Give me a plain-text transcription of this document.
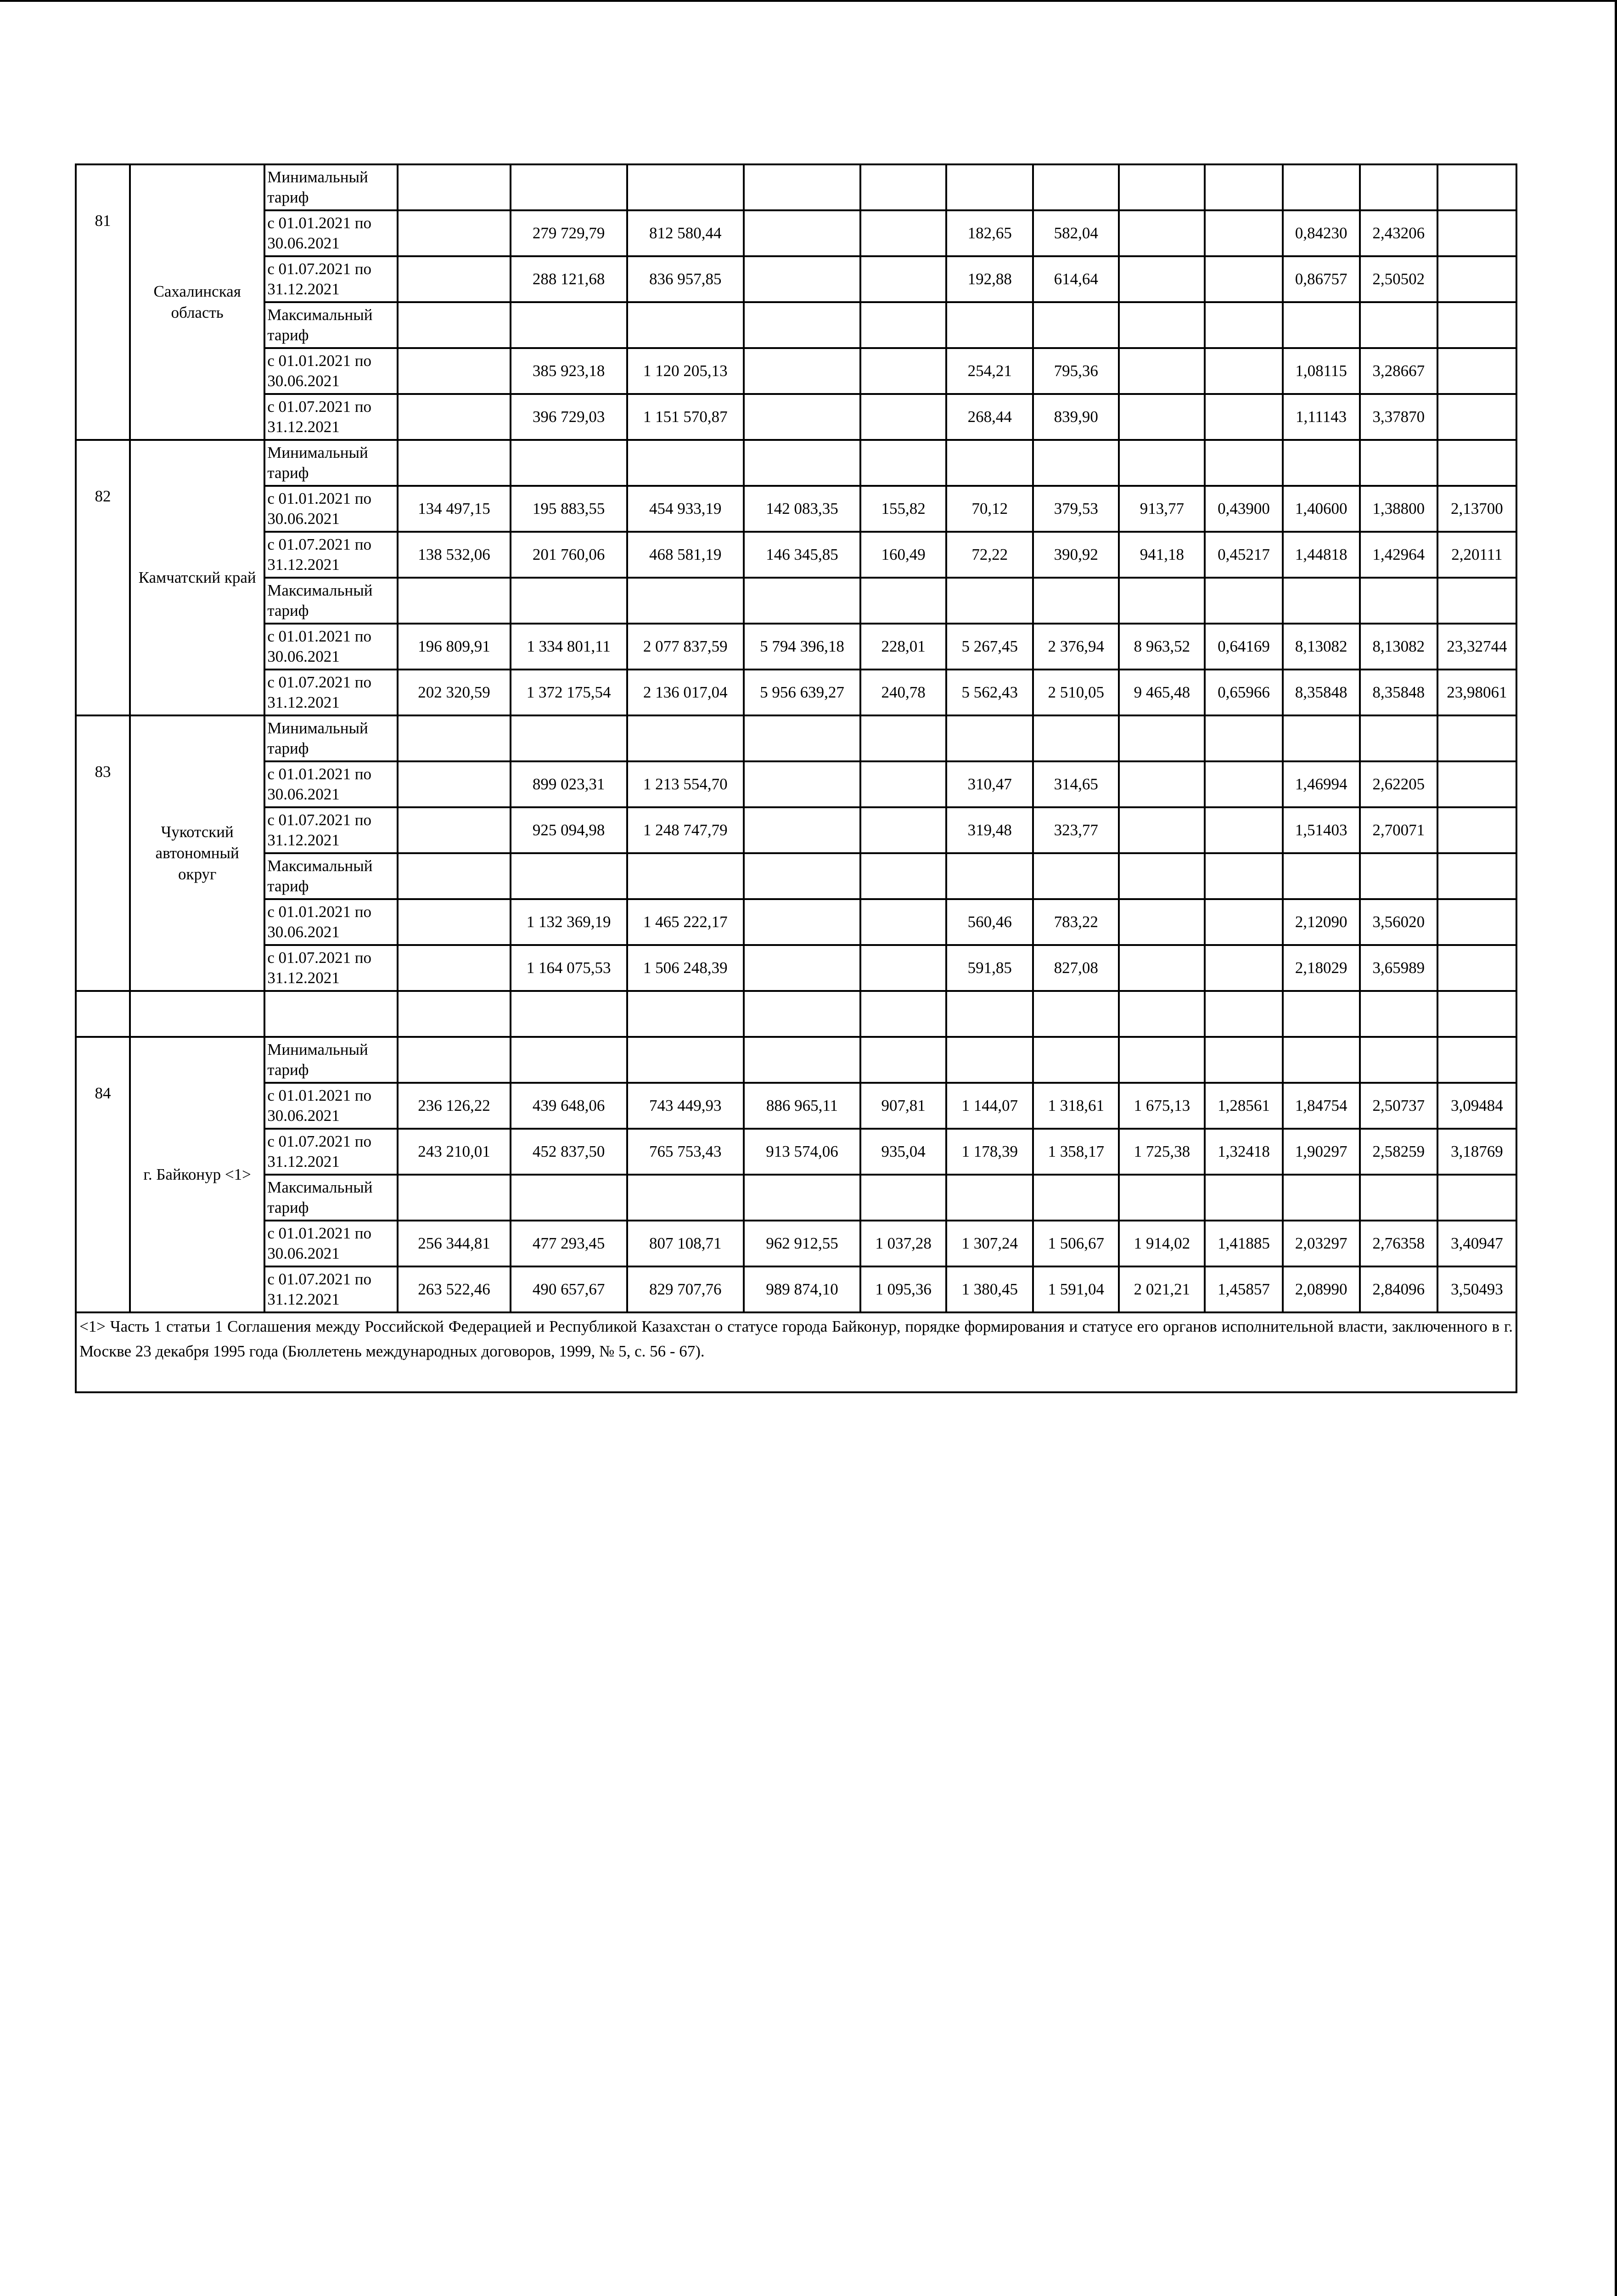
81	Сахалинская область	Минимальный тариф												
		с 01.01.2021 по 30.06.2021		279 729,79	812 580,44			182,65	582,04			0,84230	2,43206	
		с 01.07.2021 по 31.12.2021		288 121,68	836 957,85			192,88	614,64			0,86757	2,50502	
		Максимальный тариф												
		с 01.01.2021 по 30.06.2021		385 923,18	1 120 205,13			254,21	795,36			1,08115	3,28667	
		с 01.07.2021 по 31.12.2021		396 729,03	1 151 570,87			268,44	839,90			1,11143	3,37870	
82	Камчатский край	Минимальный тариф												
		с 01.01.2021 по 30.06.2021	134 497,15	195 883,55	454 933,19	142 083,35	155,82	70,12	379,53	913,77	0,43900	1,40600	1,38800	2,13700
		с 01.07.2021 по 31.12.2021	138 532,06	201 760,06	468 581,19	146 345,85	160,49	72,22	390,92	941,18	0,45217	1,44818	1,42964	2,20111
		Максимальный тариф												
		с 01.01.2021 по 30.06.2021	196 809,91	1 334 801,11	2 077 837,59	5 794 396,18	228,01	5 267,45	2 376,94	8 963,52	0,64169	8,13082	8,13082	23,32744
		с 01.07.2021 по 31.12.2021	202 320,59	1 372 175,54	2 136 017,04	5 956 639,27	240,78	5 562,43	2 510,05	9 465,48	0,65966	8,35848	8,35848	23,98061
83	Чукотский автономный округ	Минимальный тариф												
		с 01.01.2021 по 30.06.2021		899 023,31	1 213 554,70			310,47	314,65			1,46994	2,62205	
		с 01.07.2021 по 31.12.2021		925 094,98	1 248 747,79			319,48	323,77			1,51403	2,70071	
		Максимальный тариф												
		с 01.01.2021 по 30.06.2021		1 132 369,19	1 465 222,17			560,46	783,22			2,12090	3,56020	
		с 01.07.2021 по 31.12.2021		1 164 075,53	1 506 248,39			591,85	827,08			2,18029	3,65989	

84	г. Байконур <1>	Минимальный тариф												
		с 01.01.2021 по 30.06.2021	236 126,22	439 648,06	743 449,93	886 965,11	907,81	1 144,07	1 318,61	1 675,13	1,28561	1,84754	2,50737	3,09484
		с 01.07.2021 по 31.12.2021	243 210,01	452 837,50	765 753,43	913 574,06	935,04	1 178,39	1 358,17	1 725,38	1,32418	1,90297	2,58259	3,18769
		Максимальный тариф												
		с 01.01.2021 по 30.06.2021	256 344,81	477 293,45	807 108,71	962 912,55	1 037,28	1 307,24	1 506,67	1 914,02	1,41885	2,03297	2,76358	3,40947
		с 01.07.2021 по 31.12.2021	263 522,46	490 657,67	829 707,76	989 874,10	1 095,36	1 380,45	1 591,04	2 021,21	1,45857	2,08990	2,84096	3,50493
<1> Часть 1 статьи 1 Соглашения между Российской Федерацией и Республикой Казахстан о статусе города Байконур, порядке формирования и статусе его органов исполнительной власти, заключенного в г. Москве 23 декабря 1995 года (Бюллетень международных договоров, 1999, № 5, с. 56 - 67).														
